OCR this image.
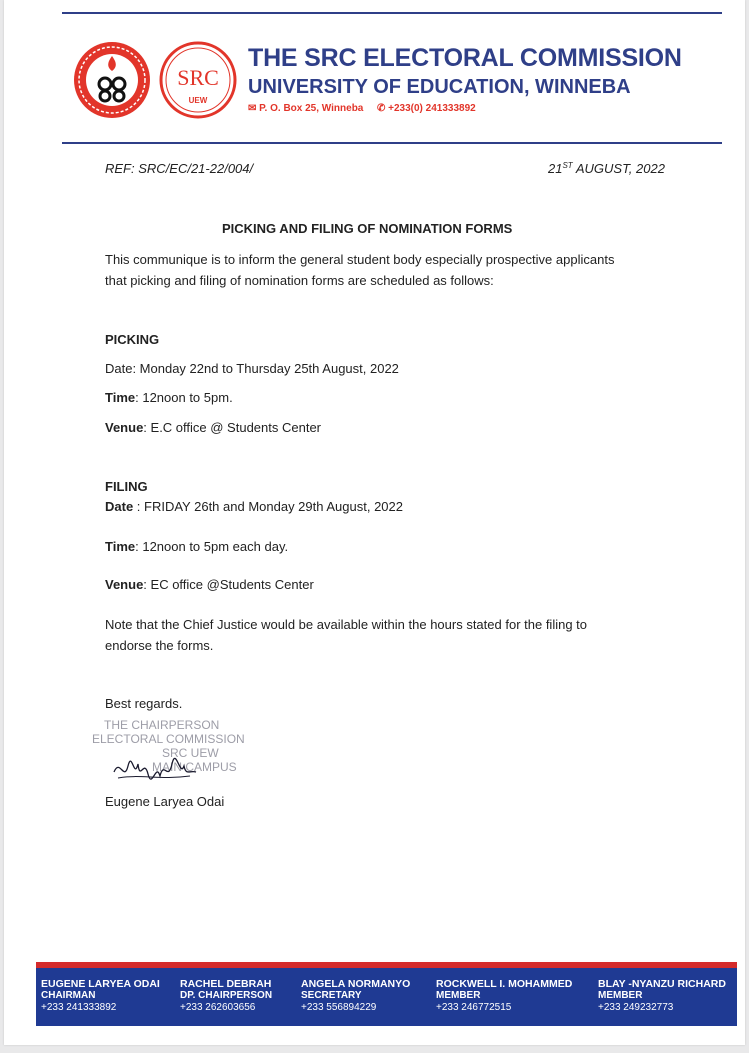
SRC
UEW
THE SRC ELECTORAL COMMISSION
UNIVERSITY OF EDUCATION, WINNEBA
✉ P. O. Box 25, Winneba ✆ +233(0) 241333892
REF: SRC/EC/21-22/004/	21ST AUGUST, 2022
PICKING AND FILING OF NOMINATION FORMS
This communique is to inform the general student body especially prospective applicants
that picking and filing of nomination forms are scheduled as follows:
PICKING
Date: Monday 22nd to Thursday 25th August, 2022
Time: 12noon to 5pm.
Venue: E.C office @ Students Center
FILING
Date : FRIDAY 26th and Monday 29th August, 2022
Time: 12noon to 5pm each day.
Venue: EC office @Students Center
Note that the Chief Justice would be available within the hours stated for the filing to
endorse the forms.
Best regards.
THE CHAIRPERSON
ELECTORAL COMMISSION
SRC UEW
MAIN CAMPUS
Eugene Laryea Odai
EUGENE LARYEA ODAI
CHAIRMAN
+233 241333892
RACHEL DEBRAH
DP. CHAIRPERSON
+233 262603656
ANGELA NORMANYO
SECRETARY
+233 556894229
ROCKWELL I. MOHAMMED
MEMBER
+233 246772515
BLAY -NYANZU RICHARD
MEMBER
+233 249232773
